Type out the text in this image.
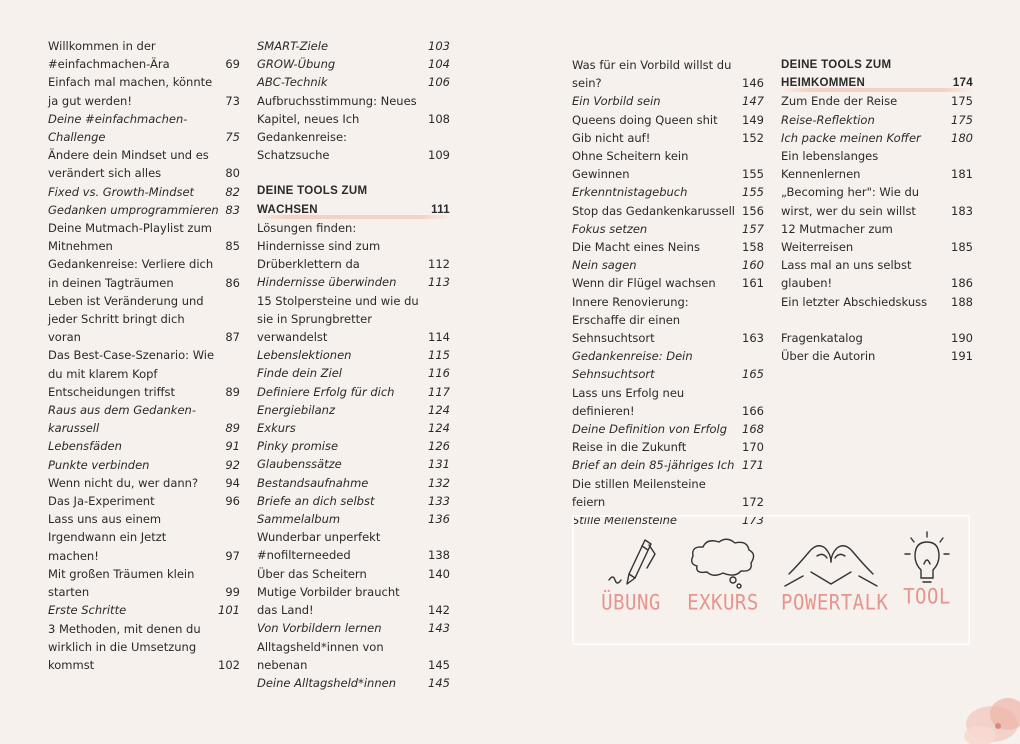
Willkommen in der #einfachmachen-Ära	69
Einfach mal machen, könnte ja gut werden!	73
Deine #einfachmachen-Challenge	75
Ändere dein Mindset und es verändert sich alles	80
Fixed vs. Growth-Mindset	82
Gedanken umprogrammieren 83
Deine Mutmach-Playlist zum Mitnehmen	85
Gedankenreise: Verliere dich in deinen Tagträumen	86
Leben ist Veränderung und jeder Schritt bringt dich voran	87
Das Best-Case-Szenario: Wie du mit klarem Kopf Entscheidungen triffst	89
Raus aus dem Gedanken-karussell	89
Lebensfäden	91
Punkte verbinden	92
Wenn nicht du, wer dann?	94
Das Ja-Experiment	96
Lass uns aus einem Irgendwann ein Jetzt machen!	97
Mit großen Träumen klein starten	99
Erste Schritte	101
3 Methoden, mit denen du wirklich in die Umsetzung kommst	102
SMART-Ziele	103
GROW-Übung	104
ABC-Technik	106
Aufbruchsstimmung: Neues Kapitel, neues Ich	108
Gedankenreise: Schatzsuche	109
DEINE TOOLS ZUM WACHSEN	111
Lösungen finden: Hindernisse sind zum Drüberklettern da	112
Hindernisse überwinden	113
15 Stolpersteine und wie du sie in Sprungbretter verwandelst	114
Lebenslektionen	115
Finde dein Ziel	116
Definiere Erfolg für dich	117
Energiebilanz	124
Exkurs	124
Pinky promise	126
Glaubenssätze	131
Bestandsaufnahme	132
Briefe an dich selbst	133
Sammelalbum	136
Wunderbar unperfekt #nofilterneeded	138
Über das Scheitern	140
Mutige Vorbilder braucht das Land!	142
Von Vorbildern lernen	143
Alltagsheld*innen von nebenan	145
Deine Alltagsheld*innen	145
Was für ein Vorbild willst du sein?	146
Ein Vorbild sein	147
Queens doing Queen shit	149
Gib nicht auf!	152
Ohne Scheitern kein Gewinnen	155
Erkenntnistagebuch	155
Stop das Gedankenkarussell 156
Fokus setzen	157
Die Macht eines Neins	158
Nein sagen	160
Wenn dir Flügel wachsen	161
Innere Renovierung: Erschaffe dir einen Sehnsuchtsort	163
Gedankenreise: Dein Sehnsuchtsort	165
Lass uns Erfolg neu definieren!	166
Deine Definition von Erfolg	168
Reise in die Zukunft	170
Brief an dein 85-jähriges Ich 171
Die stillen Meilensteine feiern	172
Stille Meilensteine	173
DEINE TOOLS ZUM HEIMKOMMEN	174
Zum Ende der Reise	175
Reise-Reflektion	175
Ich packe meinen Koffer	180
Ein lebenslanges Kennenlernen	181
„Becoming her": Wie du wirst, wer du sein willst	183
12 Mutmacher zum Weiterreisen	185
Lass mal an uns selbst glauben!	186
Ein letzter Abschiedskuss	188
Fragenkatalog	190
Über die Autorin	191
ÜBUNG	EXKURS POWERTALK TOOL
